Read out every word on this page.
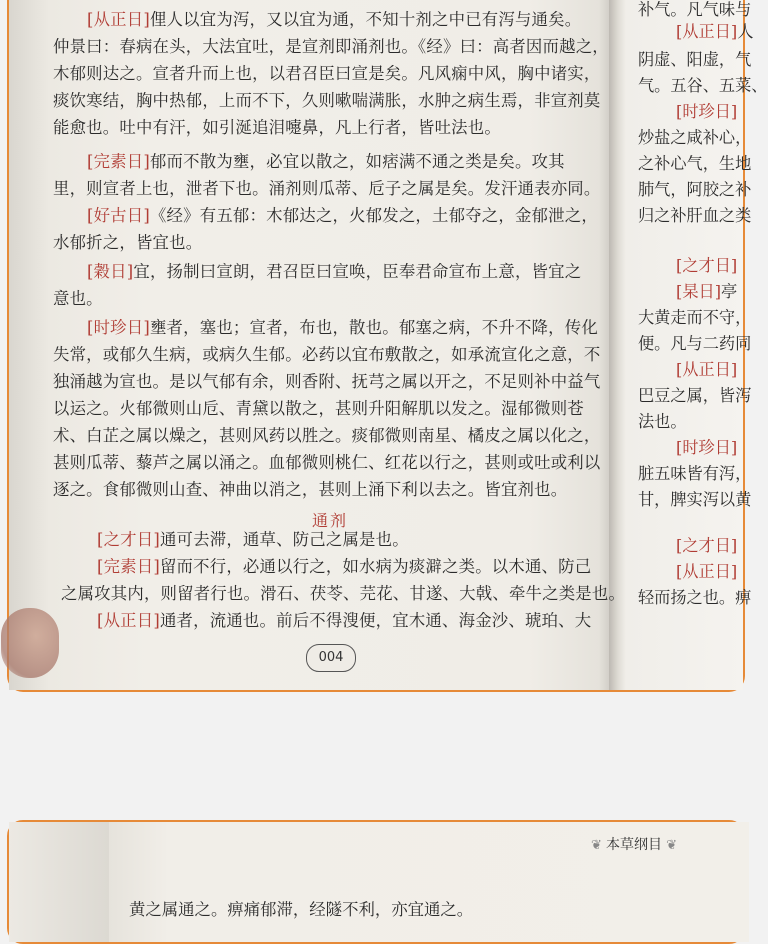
[从正日]俚人以宜为泻，又以宜为通，不知十剂之中已有泻与通矣。
仲景曰：春病在头，大法宜吐，是宣剂即涌剂也。《经》曰：高者因而越之，
木郁则达之。宣者升而上也，以君召臣曰宣是矣。凡风痫中风，胸中诸实，
痰饮寒结，胸中热郁，上而不下，久则嗽喘满胀，水肿之病生焉，非宣剂莫
能愈也。吐中有汗，如引涎追泪嚏鼻，凡上行者，皆吐法也。
[完素日]郁而不散为壅，必宜以散之，如痞满不通之类是矣。攻其
里，则宣者上也，泄者下也。涌剂则瓜蒂、卮子之属是矣。发汗通表亦同。
[好古日]《经》有五郁：木郁达之，火郁发之，土郁夺之，金郁泄之，
水郁折之，皆宜也。
[穀日]宜，扬制曰宣朗，君召臣曰宣唤，臣奉君命宣布上意，皆宜之
意也。
[时珍日]壅者，塞也；宣者，布也，散也。郁塞之病，不升不降，传化
失常，或郁久生病，或病久生郁。必药以宜布敷散之，如承流宣化之意，不
独涌越为宣也。是以气郁有余，则香附、抚芎之属以开之，不足则补中益气
以运之。火郁微则山卮、青黛以散之，甚则升阳解肌以发之。湿郁微则苍
术、白芷之属以燥之，甚则风药以胜之。痰郁微则南星、橘皮之属以化之，
甚则瓜蒂、藜芦之属以涌之。血郁微则桃仁、红花以行之，甚则或吐或利以
逐之。食郁微则山查、神曲以消之，甚则上涌下利以去之。皆宜剂也。
[之才日]通可去滞，通草、防己之属是也。
[完素日]留而不行，必通以行之，如水病为痰澼之类。以木通、防己
之属攻其内，则留者行也。滑石、茯苓、芫花、甘遂、大戟、牵牛之类是也。
[从正日]通者，流通也。前后不得溲便，宜木通、海金沙、琥珀、大
通剂
004
补气。凡气味与
[从正日]人
阴虚、阳虚，气
气。五谷、五菜、
[时珍日]
炒盐之咸补心，
之补心气，生地
肺气，阿胶之补
归之补肝血之类
[之才日]
[杲日]亭
大黄走而不守，
便。凡与二药同
[从正日]
巴豆之属，皆泻
法也。
[时珍日]
脏五味皆有泻，
甘，脾实泻以黄
[之才日]
[从正日]
轻而扬之也。痹
❦ 本草纲目 ❦
黄之属通之。痹痛郁滞，经隧不利，亦宜通之。
